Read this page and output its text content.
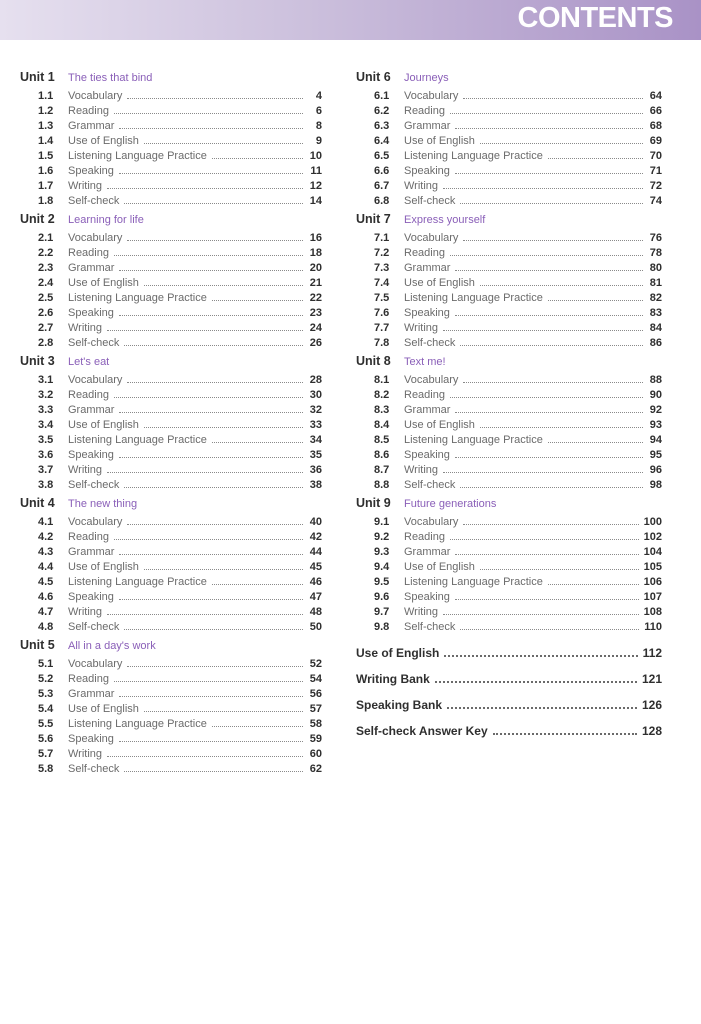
CONTENTS
Unit 1	The ties that bind
1.1	Vocabulary	4
1.2	Reading	6
1.3	Grammar	8
1.4	Use of English	9
1.5	Listening Language Practice	10
1.6	Speaking	11
1.7	Writing	12
1.8	Self-check	14
Unit 2	Learning for life
2.1	Vocabulary	16
2.2	Reading	18
2.3	Grammar	20
2.4	Use of English	21
2.5	Listening Language Practice	22
2.6	Speaking	23
2.7	Writing	24
2.8	Self-check	26
Unit 3	Let's eat
3.1	Vocabulary	28
3.2	Reading	30
3.3	Grammar	32
3.4	Use of English	33
3.5	Listening Language Practice	34
3.6	Speaking	35
3.7	Writing	36
3.8	Self-check	38
Unit 4	The new thing
4.1	Vocabulary	40
4.2	Reading	42
4.3	Grammar	44
4.4	Use of English	45
4.5	Listening Language Practice	46
4.6	Speaking	47
4.7	Writing	48
4.8	Self-check	50
Unit 5	All in a day's work
5.1	Vocabulary	52
5.2	Reading	54
5.3	Grammar	56
5.4	Use of English	57
5.5	Listening Language Practice	58
5.6	Speaking	59
5.7	Writing	60
5.8	Self-check	62
Unit 6	Journeys
6.1	Vocabulary	64
6.2	Reading	66
6.3	Grammar	68
6.4	Use of English	69
6.5	Listening Language Practice	70
6.6	Speaking	71
6.7	Writing	72
6.8	Self-check	74
Unit 7	Express yourself
7.1	Vocabulary	76
7.2	Reading	78
7.3	Grammar	80
7.4	Use of English	81
7.5	Listening Language Practice	82
7.6	Speaking	83
7.7	Writing	84
7.8	Self-check	86
Unit 8	Text me!
8.1	Vocabulary	88
8.2	Reading	90
8.3	Grammar	92
8.4	Use of English	93
8.5	Listening Language Practice	94
8.6	Speaking	95
8.7	Writing	96
8.8	Self-check	98
Unit 9	Future generations
9.1	Vocabulary	100
9.2	Reading	102
9.3	Grammar	104
9.4	Use of English	105
9.5	Listening Language Practice	106
9.6	Speaking	107
9.7	Writing	108
9.8	Self-check	110
Use of English	112
Writing Bank	121
Speaking Bank	126
Self-check Answer Key	128
